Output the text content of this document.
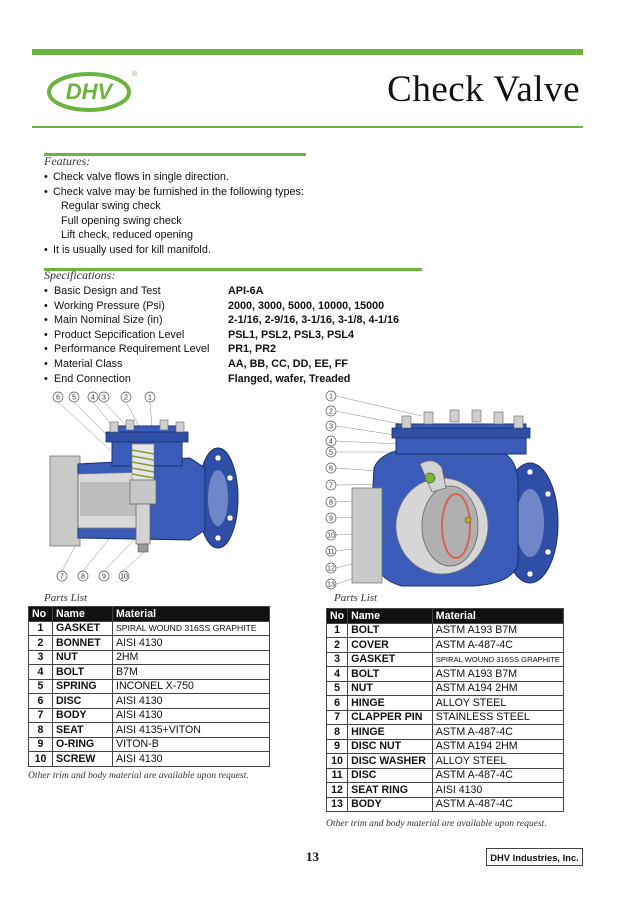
DHV
®	Check Valve
Features:
• Check valve flows in single direction.
• Check valve may be furnished in the following types:
Regular swing check
Full opening swing check
Lift check, reduced opening
• It is usually used for kill manifold.
Specifications:
• Basic Design and Test	API-6A
• Working Pressure (Psi)	2000, 3000, 5000, 10000, 15000
• Main Nominal Size (in)	2-1/16, 2-9/16, 3-1/16, 3-1/8, 4-1/16
• Product Sepcification Level	PSL1, PSL2, PSL3, PSL4
• Performance Requirement Level	PR1, PR2
• Material Class	AA, BB, CC, DD, EE, FF
• End Connection	Flanged, wafer, Treaded
6 5 4 3	2	1
7 8 9 10
1
2
3
4
5
6
7
8
9
10
11
12
13
Parts List
No	Name	Material
1	GASKET	SPIRAL WOUND 316SS GRAPHITE
2	BONNET	AISI 4130
3	NUT	2HM
4	BOLT	B7M
5	SPRING	INCONEL X-750
6	DISC	AISI 4130
7	BODY	AISI 4130
8	SEAT	AISI 4135+VITON
9	O-RING	VITON-B
10	SCREW	AISI 4130
Other trim and body material are available upon request.
Parts List
No	Name	Material
1	BOLT	ASTM A193 B7M
2	COVER	ASTM A-487-4C
3	GASKET	SPIRAL WOUND 316SS GRAPHITE
4	BOLT	ASTM A193 B7M
5	NUT	ASTM A194 2HM
6	HINGE	ALLOY STEEL
7	CLAPPER PIN	STAINLESS STEEL
8	HINGE	ASTM A-487-4C
9	DISC NUT	ASTM A194 2HM
10	DISC WASHER	ALLOY STEEL
11	DISC	ASTM A-487-4C
12	SEAT RING	AISI 4130
13	BODY	ASTM A-487-4C
Other trim and body material are available upon request.
13	DHV Industries, Inc.
